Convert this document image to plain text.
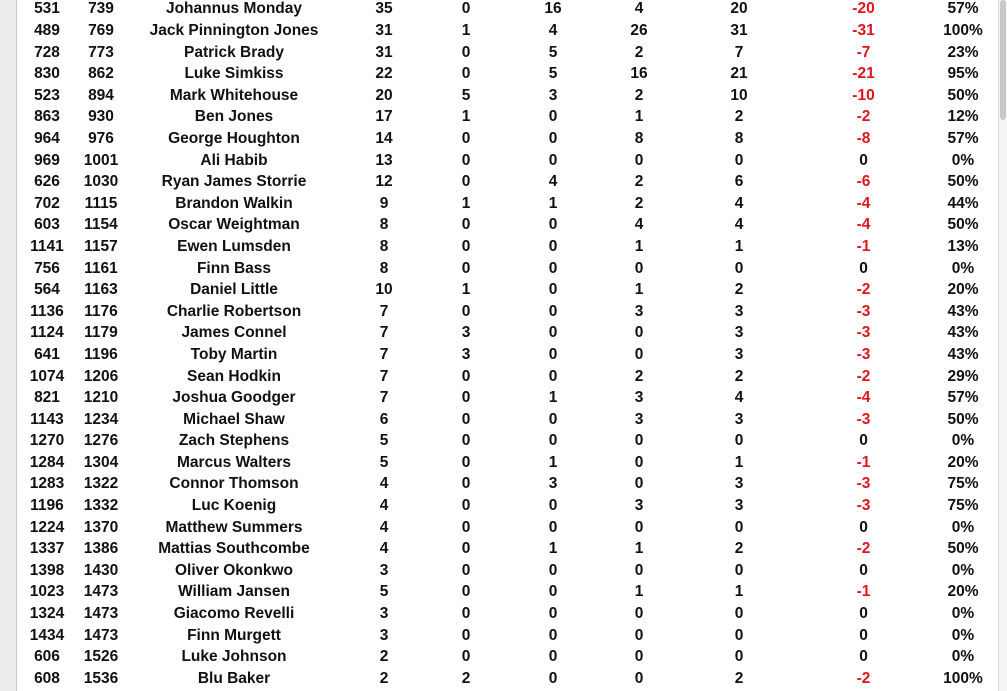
531	739	Johannus Monday	35	0	16	4	20	-20	57%
489	769	Jack Pinnington Jones	31	1	4	26	31	-31	100%
728	773	Patrick Brady	31	0	5	2	7	-7	23%
830	862	Luke Simkiss	22	0	5	16	21	-21	95%
523	894	Mark Whitehouse	20	5	3	2	10	-10	50%
863	930	Ben Jones	17	1	0	1	2	-2	12%
964	976	George Houghton	14	0	0	8	8	-8	57%
969	1001	Ali Habib	13	0	0	0	0	0	0%
626	1030	Ryan James Storrie	12	0	4	2	6	-6	50%
702	1115	Brandon Walkin	9	1	1	2	4	-4	44%
603	1154	Oscar Weightman	8	0	0	4	4	-4	50%
1141	1157	Ewen Lumsden	8	0	0	1	1	-1	13%
756	1161	Finn Bass	8	0	0	0	0	0	0%
564	1163	Daniel Little	10	1	0	1	2	-2	20%
1136	1176	Charlie Robertson	7	0	0	3	3	-3	43%
1124	1179	James Connel	7	3	0	0	3	-3	43%
641	1196	Toby Martin	7	3	0	0	3	-3	43%
1074	1206	Sean Hodkin	7	0	0	2	2	-2	29%
821	1210	Joshua Goodger	7	0	1	3	4	-4	57%
1143	1234	Michael Shaw	6	0	0	3	3	-3	50%
1270	1276	Zach Stephens	5	0	0	0	0	0	0%
1284	1304	Marcus Walters	5	0	1	0	1	-1	20%
1283	1322	Connor Thomson	4	0	3	0	3	-3	75%
1196	1332	Luc Koenig	4	0	0	3	3	-3	75%
1224	1370	Matthew Summers	4	0	0	0	0	0	0%
1337	1386	Mattias Southcombe	4	0	1	1	2	-2	50%
1398	1430	Oliver Okonkwo	3	0	0	0	0	0	0%
1023	1473	William Jansen	5	0	0	1	1	-1	20%
1324	1473	Giacomo Revelli	3	0	0	0	0	0	0%
1434	1473	Finn Murgett	3	0	0	0	0	0	0%
606	1526	Luke Johnson	2	0	0	0	0	0	0%
608	1536	Blu Baker	2	2	0	0	2	-2	100%
